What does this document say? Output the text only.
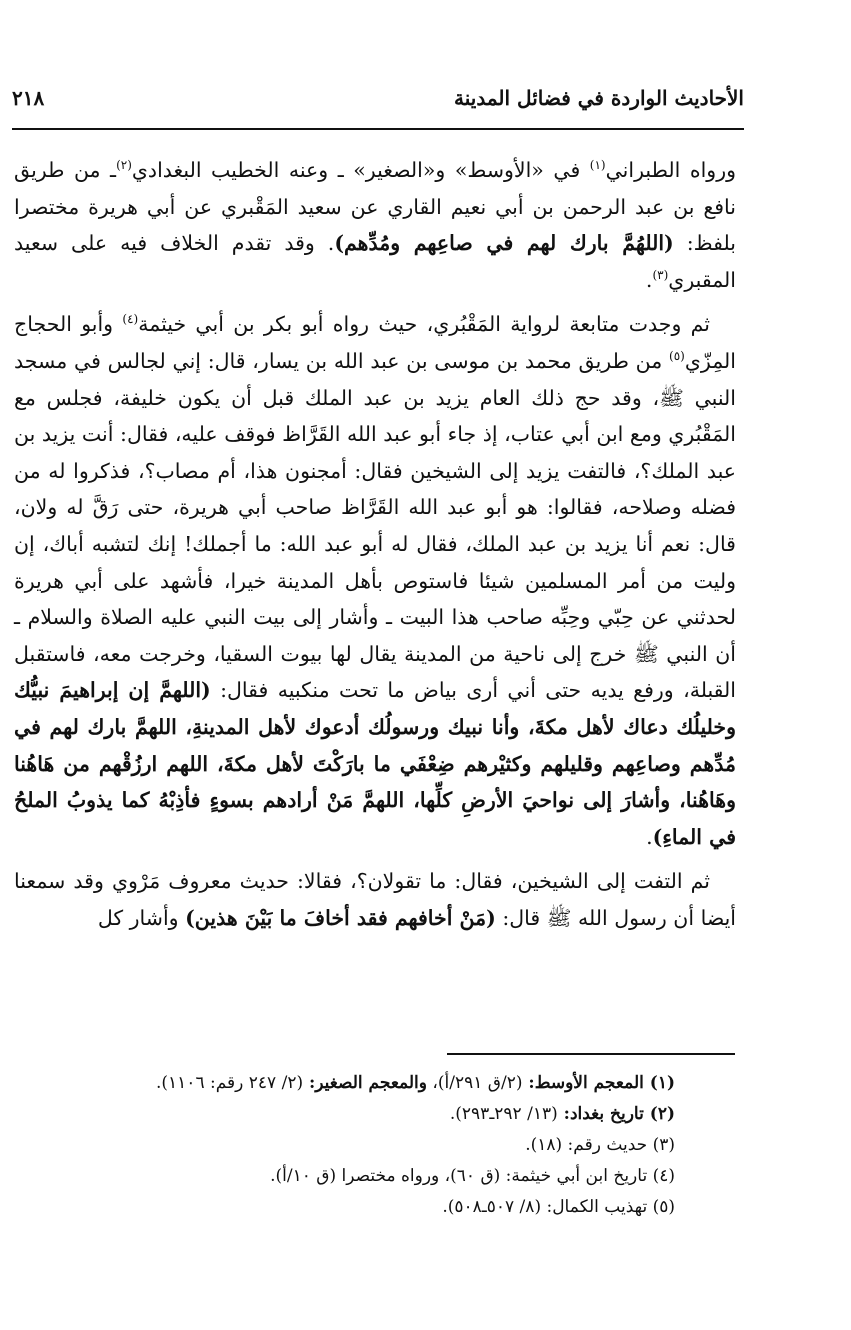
الأحاديث الواردة في فضائل المدينة
٢١٨

ورواه الطبراني$^{(١)}$ في «الأوسط» و«الصغير» ـ وعنه الخطيب البغدادي$^{(٢)}$ـ من طريق نافع بن عبد الرحمن بن أبي نعيم القاري عن سعيد المَقْبري عن أبي هريرة مختصرا بلفظ: (اللهُمَّ بارك لهم في صاعِهم ومُدِّهم). وقد تقدم الخلاف فيه على سعيد المقبري$^{(٣)}$.

ثم وجدت متابعة لرواية المَقْبُري، حيث رواه أبو بكر بن أبي خيثمة$^{(٤)}$ وأبو الحجاج المِزّي$^{(٥)}$ من طريق محمد بن موسى بن عبد الله بن يسار، قال: إني لجالس في مسجد النبي ﷺ، وقد حج ذلك العام يزيد بن عبد الملك قبل أن يكون خليفة، فجلس مع المَقْبُري ومع ابن أبي عتاب، إذ جاء أبو عبد الله القَرَّاظ فوقف عليه، فقال: أنت يزيد بن عبد الملك؟، فالتفت يزيد إلى الشيخين فقال: أمجنون هذا، أم مصاب؟، فذكروا له من فضله وصلاحه، فقالوا: هو أبو عبد الله القَرَّاظ صاحب أبي هريرة، حتى رَقَّ له ولان، قال: نعم أنا يزيد بن عبد الملك، فقال له أبو عبد الله: ما أجملك! إنك لتشبه أباك، إن وليت من أمر المسلمين شيئا فاستوص بأهل المدينة خيرا، فأشهد على أبي هريرة لحدثني عن حِبّي وحِبِّه صاحب هذا البيت ـ وأشار إلى بيت النبي عليه الصلاة والسلام ـ أن النبي ﷺ خرج إلى ناحية من المدينة يقال لها بيوت السقيا، وخرجت معه، فاستقبل القبلة، ورفع يديه حتى أني أرى بياض ما تحت منكبيه فقال: (اللهمَّ إن إبراهيمَ نبيُّك وخليلُك دعاك لأهل مكةَ، وأنا نبيك ورسولُك أدعوك لأهل المدينةِ، اللهمَّ بارك لهم في مُدِّهم وصاعِهم وقليلهم وكثيْرهم ضِعْفَي ما بارَكْتَ لأهل مكةَ، اللهم ارزُقْهم من هَاهُنا وهَاهُنا، وأشارَ إلى نواحيَ الأرضِ كلِّها، اللهمَّ مَنْ أرادهم بسوءٍ فأذِبْهُ كما يذوبُ الملحُ في الماءِ).

ثم التفت إلى الشيخين، فقال: ما تقولان؟، فقالا: حديث معروف مَرْوي وقد سمعنا أيضا أن رسول الله ﷺ قال: (مَنْ أخافهم فقد أخافَ ما بَيْنَ هذين) وأشار كل

(١) المعجم الأوسط: (٢/ق ٢٩١/أ)، والمعجم الصغير: (٢/ ٢٤٧ رقم: ١١٠٦).
(٢) تاريخ بغداد: (١٣/ ٢٩٢ـ٢٩٣).
(٣) حديث رقم: (١٨).
(٤) تاريخ ابن أبي خيثمة: (ق ٦٠)، ورواه مختصرا (ق ١٠/أ).
(٥) تهذيب الكمال: (٨/ ٥٠٧ـ٥٠٨).
